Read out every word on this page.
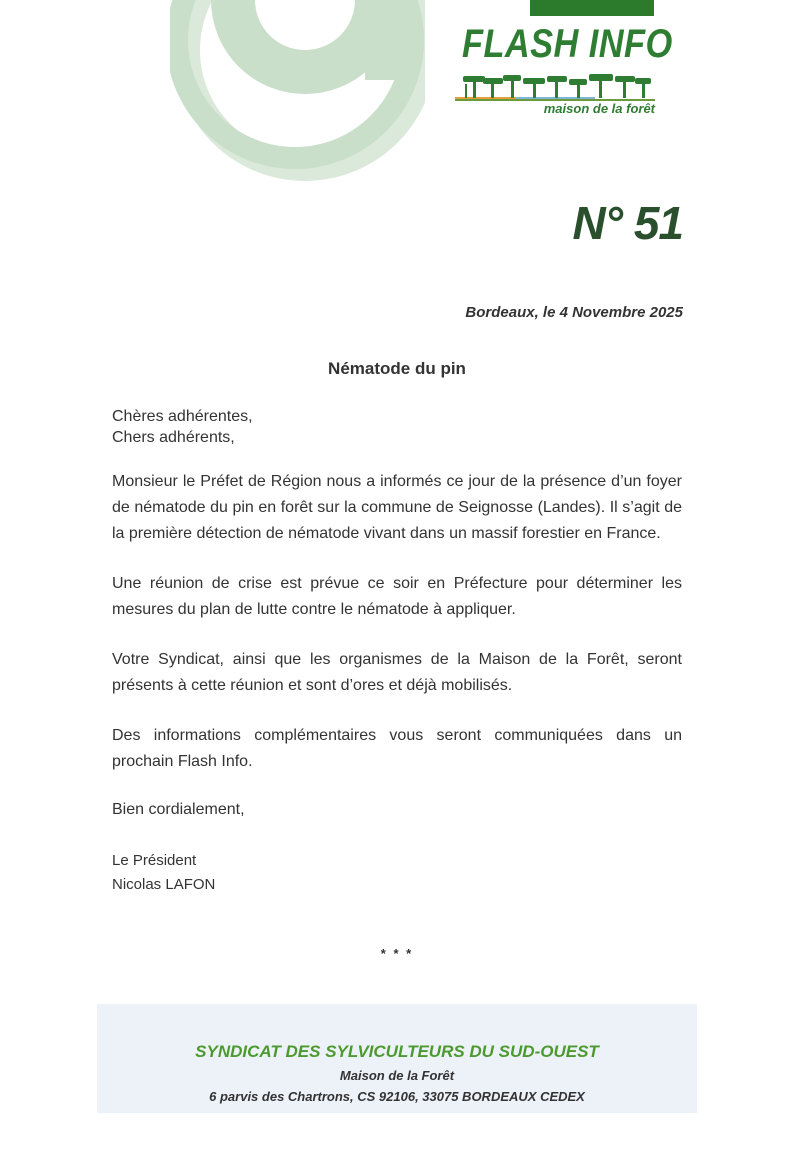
FLASH INFO
maison de la forêt
N° 51
Bordeaux, le 4 Novembre 2025
Nématode du pin
Chères adhérentes,
Chers adhérents,

Monsieur le Préfet de Région nous a informés ce jour de la présence d’un foyer de nématode du pin en forêt sur la commune de Seignosse (Landes). Il s’agit de la première détection de nématode vivant dans un massif forestier en France.

Une réunion de crise est prévue ce soir en Préfecture pour déterminer les mesures du plan de lutte contre le nématode à appliquer.

Votre Syndicat, ainsi que les organismes de la Maison de la Forêt, seront présents à cette réunion et sont d’ores et déjà mobilisés.

Des informations complémentaires vous seront communiquées dans un prochain Flash Info.

Bien cordialement,
Le Président
Nicolas LAFON
* * *
SYNDICAT DES SYLVICULTEURS DU SUD-OUEST
Maison de la Forêt
6 parvis des Chartrons, CS 92106, 33075 BORDEAUX CEDEX
